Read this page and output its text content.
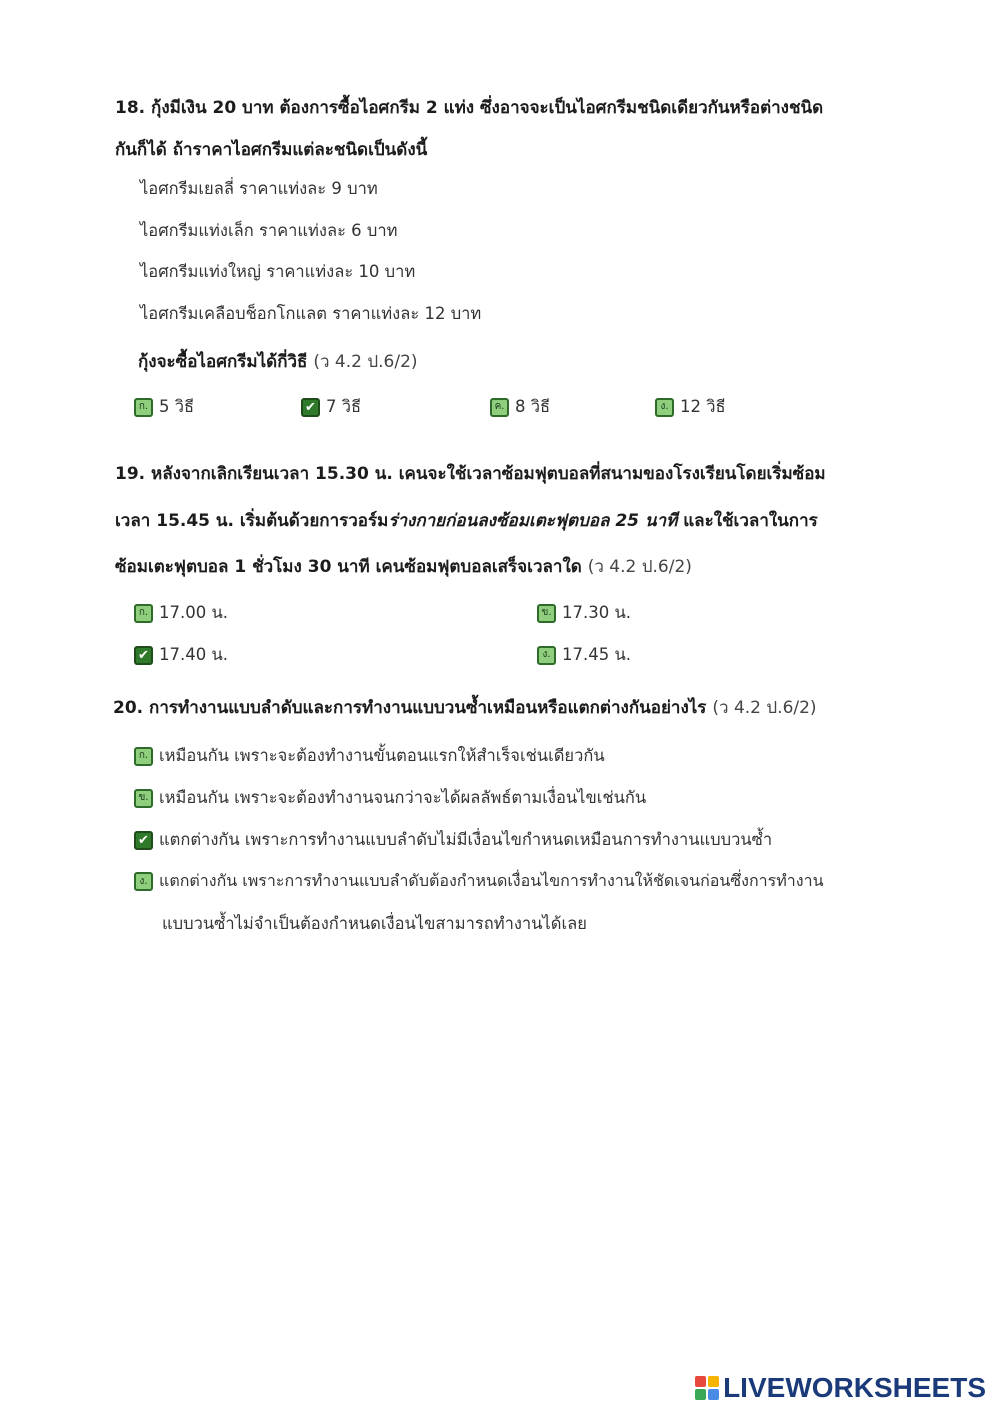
18. กุ้งมีเงิน 20 บาท ต้องการซื้อไอศกรีม 2 แท่ง ซึ่งอาจจะเป็นไอศกรีมชนิดเดียวกันหรือต่างชนิด
กันก็ได้ ถ้าราคาไอศกรีมแต่ละชนิดเป็นดังนี้
ไอศกรีมเยลลี่ ราคาแท่งละ 9 บาท
ไอศกรีมแท่งเล็ก ราคาแท่งละ 6 บาท
ไอศกรีมแท่งใหญ่ ราคาแท่งละ 10 บาท
ไอศกรีมเคลือบช็อกโกแลต ราคาแท่งละ 12 บาท
กุ้งจะซื้อไอศกรีมได้กี่วิธี (ว 4.2 ป.6/2)
ก. 5 วิธี	✔ 7 วิธี	ค. 8 วิธี	ง. 12 วิธี
19. หลังจากเลิกเรียนเวลา 15.30 น. เคนจะใช้เวลาซ้อมฟุตบอลที่สนามของโรงเรียนโดยเริ่มซ้อม
เวลา 15.45 น. เริ่มต้นด้วยการวอร์มร่างกายก่อนลงซ้อมเตะฟุตบอล 25 นาที และใช้เวลาในการ
ซ้อมเตะฟุตบอล 1 ชั่วโมง 30 นาที เคนซ้อมฟุตบอลเสร็จเวลาใด (ว 4.2 ป.6/2)
ก. 17.00 น.	ข. 17.30 น.
✔ 17.40 น.	ง. 17.45 น.
20. การทำงานแบบลำดับและการทำงานแบบวนซ้ำเหมือนหรือแตกต่างกันอย่างไร (ว 4.2 ป.6/2)
ก. เหมือนกัน เพราะจะต้องทำงานขั้นตอนแรกให้สำเร็จเช่นเดียวกัน
ข. เหมือนกัน เพราะจะต้องทำงานจนกว่าจะได้ผลลัพธ์ตามเงื่อนไขเช่นกัน
✔ แตกต่างกัน เพราะการทำงานแบบลำดับไม่มีเงื่อนไขกำหนดเหมือนการทำงานแบบวนซ้ำ
ง. แตกต่างกัน เพราะการทำงานแบบลำดับต้องกำหนดเงื่อนไขการทำงานให้ชัดเจนก่อนซึ่งการทำงาน
แบบวนซ้ำไม่จำเป็นต้องกำหนดเงื่อนไขสามารถทำงานได้เลย
LIVEWORKSHEETS
